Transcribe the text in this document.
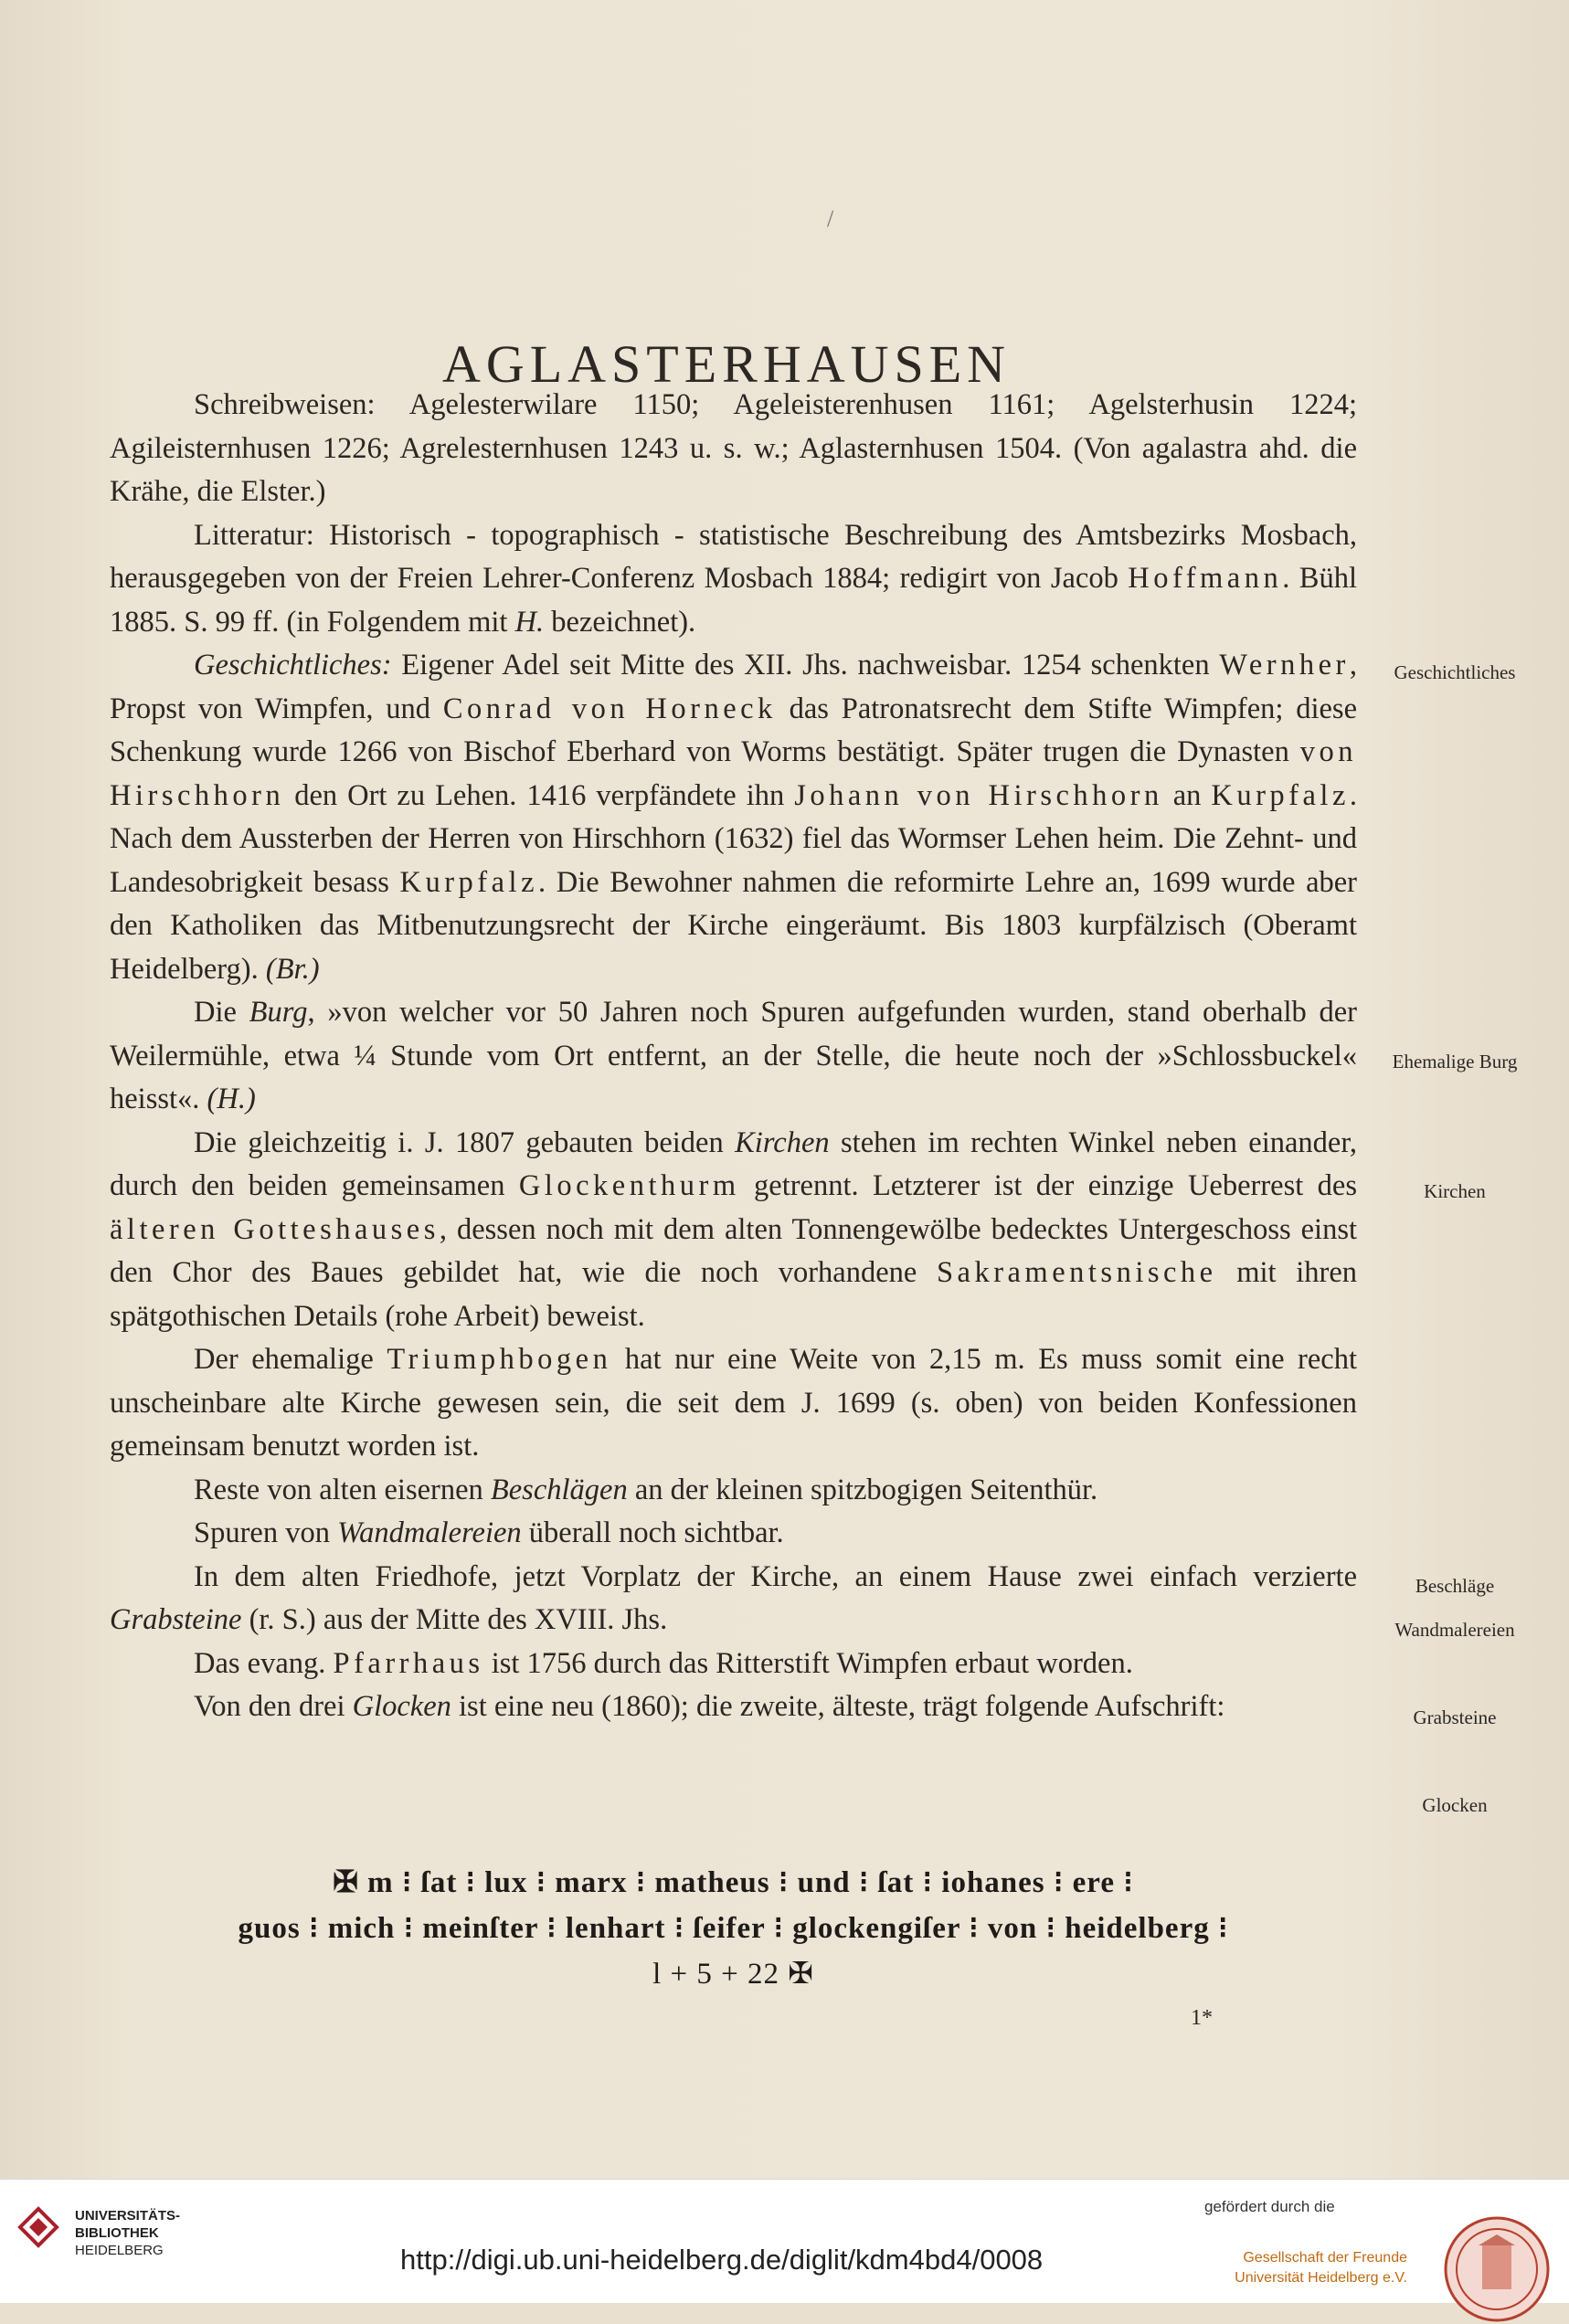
/
AGLASTERHAUSEN

Schreibweisen: Agelesterwilare 1150; Ageleisterenhusen 1161; Agelsterhusin 1224; Agileisternhusen 1226; Agrelesternhusen 1243 u. s. w.; Aglasternhusen 1504. (Von agalastra ahd. die Krähe, die Elster.)

Litteratur: Historisch - topographisch - statistische Beschreibung des Amtsbezirks Mosbach, herausgegeben von der Freien Lehrer-Conferenz Mosbach 1884; redigirt von Jacob Hoffmann. Bühl 1885. S. 99 ff. (in Folgendem mit H. bezeichnet).

Geschichtliches: Eigener Adel seit Mitte des XII. Jhs. nachweisbar. 1254 schenkten Wernher, Propst von Wimpfen, und Conrad von Horneck das Patronatsrecht dem Stifte Wimpfen; diese Schenkung wurde 1266 von Bischof Eberhard von Worms bestätigt. Später trugen die Dynasten von Hirschhorn den Ort zu Lehen. 1416 verpfändete ihn Johann von Hirschhorn an Kurpfalz. Nach dem Aussterben der Herren von Hirschhorn (1632) fiel das Wormser Lehen heim. Die Zehnt- und Landesobrigkeit besass Kurpfalz. Die Bewohner nahmen die reformirte Lehre an, 1699 wurde aber den Katholiken das Mitbenutzungsrecht der Kirche eingeräumt. Bis 1803 kurpfälzisch (Oberamt Heidelberg). (Br.)

Die Burg, »von welcher vor 50 Jahren noch Spuren aufgefunden wurden, stand oberhalb der Weilermühle, etwa ¼ Stunde vom Ort entfernt, an der Stelle, die heute noch der »Schlossbuckel« heisst«. (H.)

Die gleichzeitig i. J. 1807 gebauten beiden Kirchen stehen im rechten Winkel neben einander, durch den beiden gemeinsamen Glockenthurm getrennt. Letzterer ist der einzige Ueberrest des älteren Gotteshauses, dessen noch mit dem alten Tonnengewölbe bedecktes Untergeschoss einst den Chor des Baues gebildet hat, wie die noch vorhandene Sakramentsnische mit ihren spätgothischen Details (rohe Arbeit) beweist.

Der ehemalige Triumphbogen hat nur eine Weite von 2,15 m. Es muss somit eine recht unscheinbare alte Kirche gewesen sein, die seit dem J. 1699 (s. oben) von beiden Konfessionen gemeinsam benutzt worden ist.

Reste von alten eisernen Beschlägen an der kleinen spitzbogigen Seitenthür.

Spuren von Wandmalereien überall noch sichtbar.

In dem alten Friedhofe, jetzt Vorplatz der Kirche, an einem Hause zwei einfach verzierte Grabsteine (r. S.) aus der Mitte des XVIII. Jhs.

Das evang. Pfarrhaus ist 1756 durch das Ritterstift Wimpfen erbaut worden.

Von den drei Glocken ist eine neu (1860); die zweite, älteste, trägt folgende Aufschrift:

Geschichtliches
Ehemalige Burg
Kirchen
Beschläge
Wandmalereien
Grabsteine
Glocken
✠ m ⁝ ſat ⁝ lux ⁝ marx ⁝ matheus ⁝ und ⁝ ſat ⁝ iohanes ⁝ ere ⁝
guos ⁝ mich ⁝ meinſter ⁝ lenhart ⁝ ſeifer ⁝ glockengiſer ⁝ von ⁝ heidelberg ⁝
l + 5 + 22 ✠
1*
UNIVERSITÄTS-
BIBLIOTHEK
HEIDELBERG	http://digi.ub.uni-heidelberg.de/diglit/kdm4bd4/0008
gefördert durch die
Gesellschaft der Freunde
Universität Heidelberg e.V.
